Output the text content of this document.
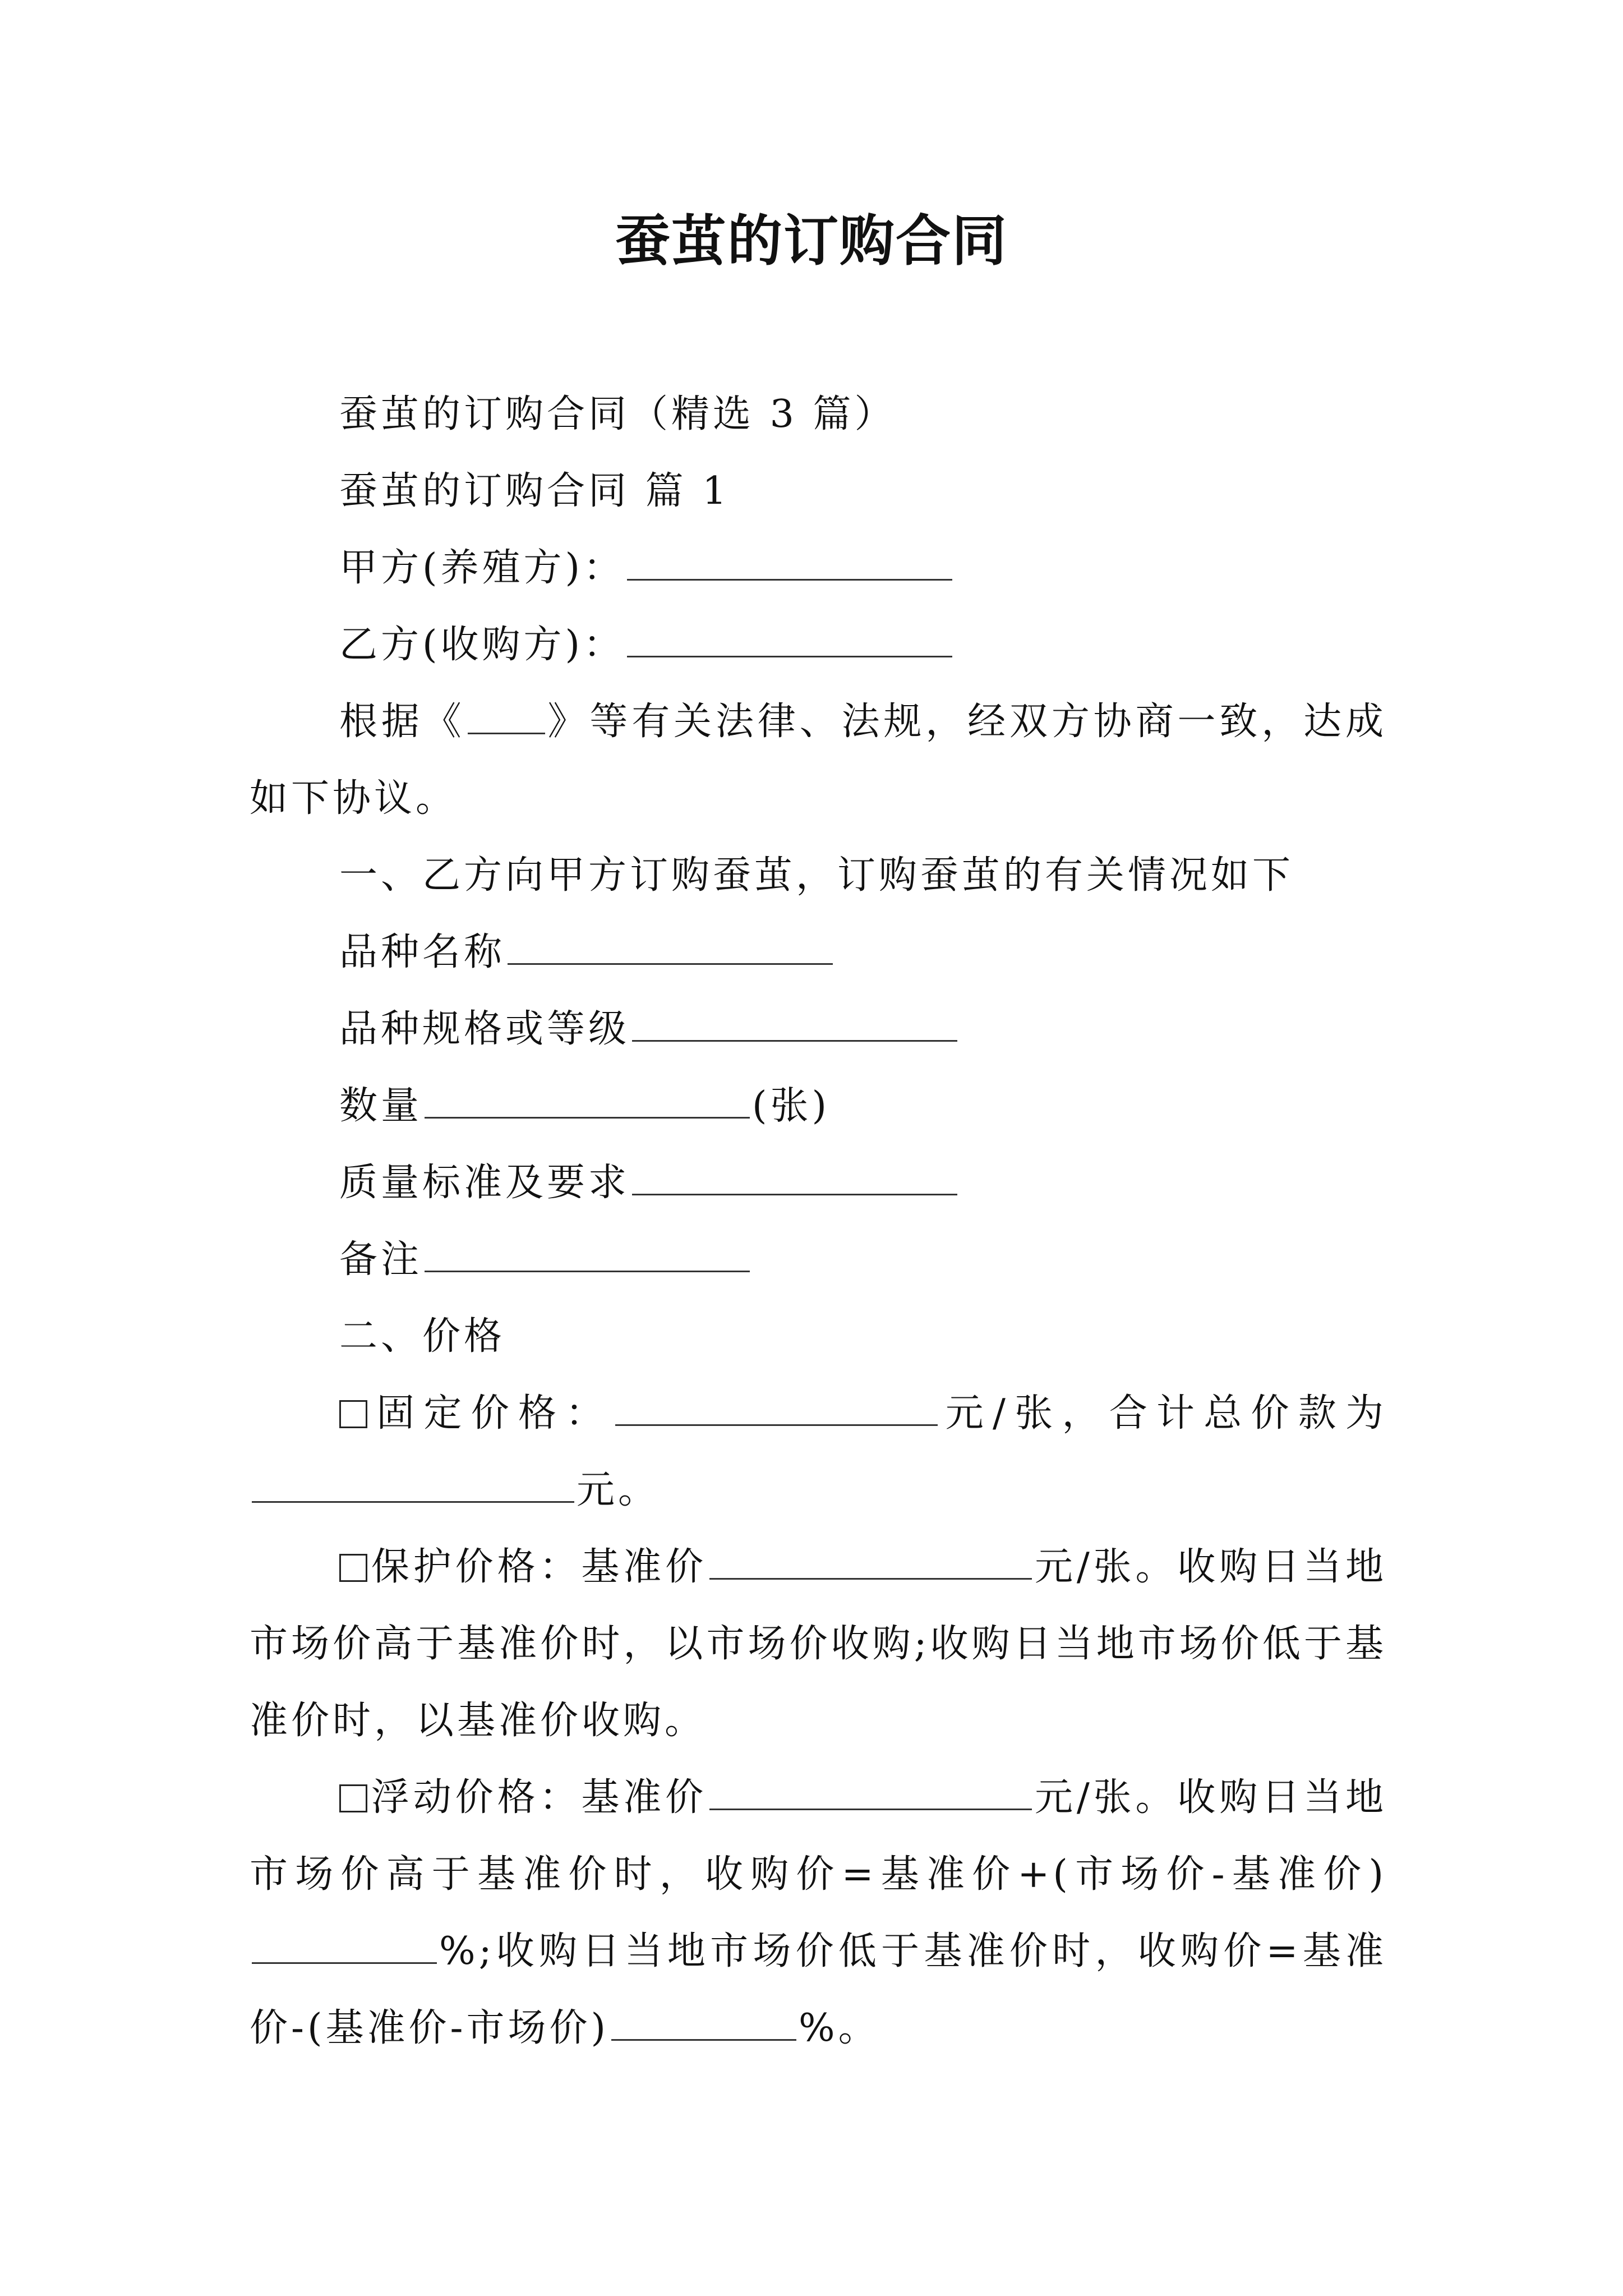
蚕茧的订购合同

蚕茧的订购合同（精选 3 篇）

蚕茧的订购合同 篇 1

甲方(养殖方)：

乙方(收购方)：

根据《 》等有关法律、法规，经双方协商一致，达成如下协议。

一、乙方向甲方订购蚕茧，订购蚕茧的有关情况如下

品种名称

品种规格或等级

数量	(张)

质量标准及要求

备注

二、价格

固定价格：	元/张，合计总价款为元。

保护价格：基准价	元/张。收购日当地市场价高于基准价时，以市场价收购;收购日当地市场价低于基准价时，以基准价收购。

浮动价格：基准价	元/张。收购日当地市场价高于基准价时，收购价=基准价+(市场价-基准价)%;收购日当地市场价低于基准价时，收购价=基准价-(基准价-市场价)	%。
